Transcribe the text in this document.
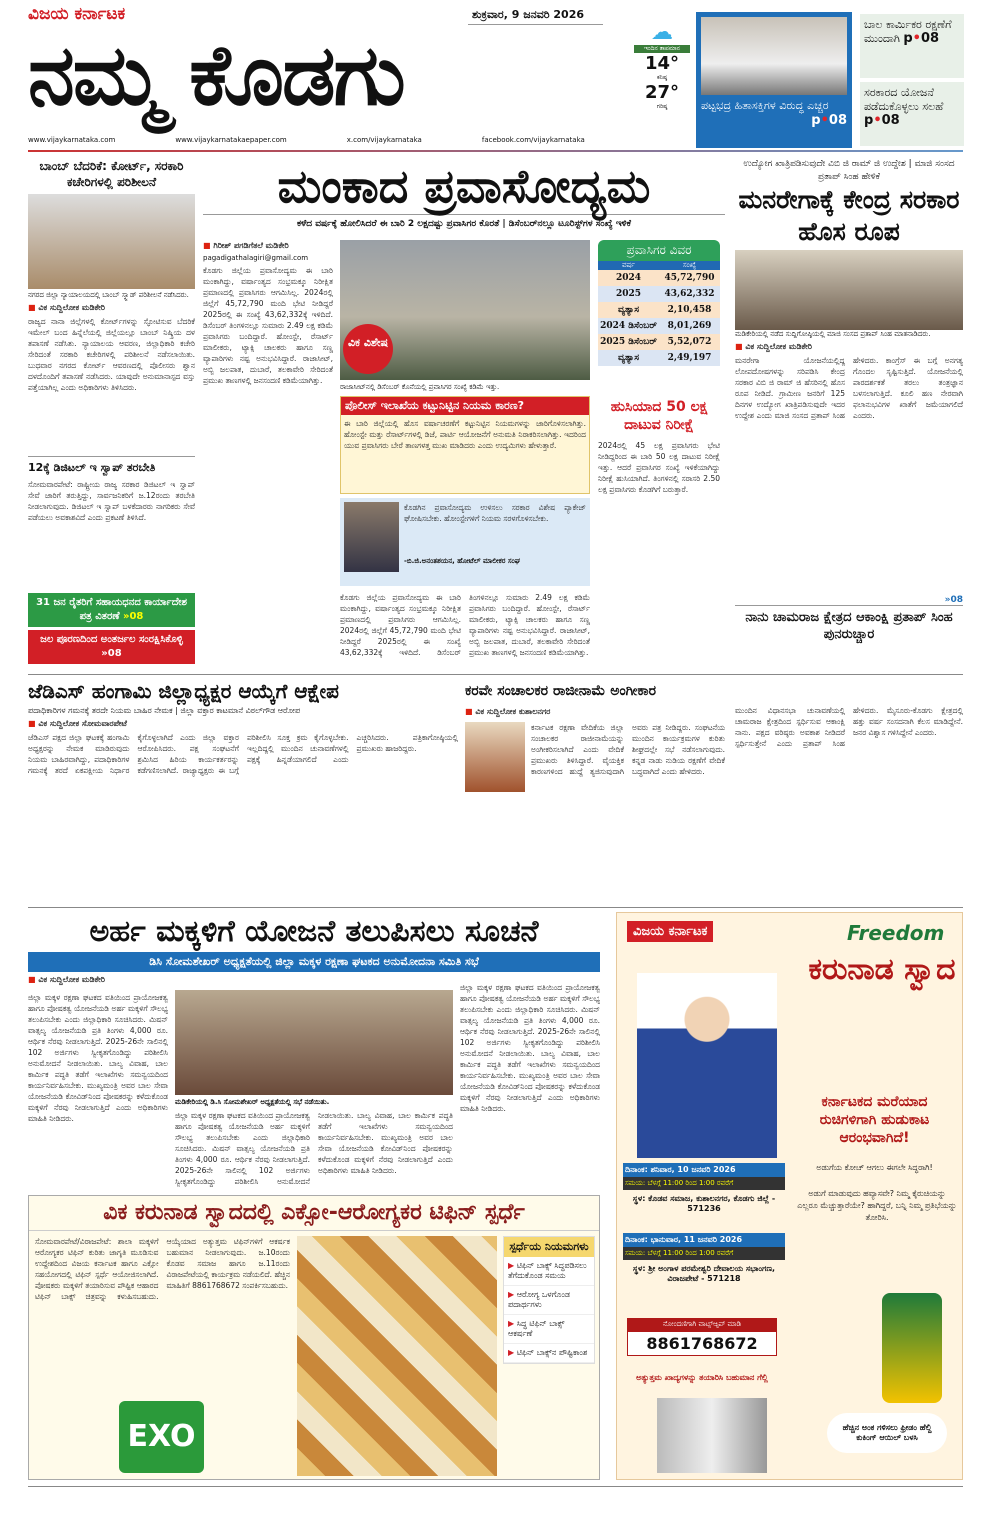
ವಿಜಯ ಕರ್ನಾಟಕ
ನಮ್ಮ ಕೊಡಗು
ಶುಕ್ರವಾರ, 9 ಜನವರಿ 2026
☁
ಇಂದಿನ ತಾಪಮಾನ
14°
ಕನಿಷ್ಠ
27°
ಗರಿಷ್ಠ	ಪಟ್ಟಭದ್ರ ಹಿತಾಸಕ್ತಿಗಳ ವಿರುದ್ಧ ಎಚ್ಚರ
p•08
ಬಾಲ ಕಾರ್ಮಿಕರ ರಕ್ಷಣೆಗೆ ಮುಂದಾಗಿ p•08
ಸರಕಾರದ ಯೋಜನೆ ಪಡೆದುಕೊಳ್ಳಲು ಸಲಹೆ p•08
www.vijaykarnataka.com	www.vijaykarnatakaepaper.com	x.com/vijaykarnataka	facebook.com/vijaykarnataka
ಬಾಂಬ್ ಬೆದರಿಕೆ: ಕೋರ್ಟ್, ಸರಕಾರಿ ಕಚೇರಿಗಳಲ್ಲಿ ಪರಿಶೀಲನೆ
ನಗರದ ಜಿಲ್ಲಾ ನ್ಯಾಯಾಲಯದಲ್ಲಿ ಬಾಂಬ್ ಸ್ಕ್ವಾಡ್ ಪರಿಶೀಲನೆ ನಡೆಸಿದರು.
■ ವಿಕ ಸುದ್ದಿಲೋಕ ಮಡಿಕೇರಿ
ರಾಜ್ಯದ ನಾನಾ ಜಿಲ್ಲೆಗಳಲ್ಲಿ ಕೋರ್ಟ್‌ಗಳನ್ನು ಸ್ಫೋಟಿಸುವ ಬೆದರಿಕೆ ಇಮೇಲ್ ಬಂದ ಹಿನ್ನೆಲೆಯಲ್ಲಿ ಜಿಲ್ಲೆಯಲ್ಲೂ ಬಾಂಬ್ ನಿಷ್ಕ್ರಿಯ ದಳ ತಪಾಸಣೆ ನಡೆಸಿತು. ನ್ಯಾಯಾಲಯ ಆವರಣ, ಜಿಲ್ಲಾಧಿಕಾರಿ ಕಚೇರಿ ಸೇರಿದಂತೆ ಸರಕಾರಿ ಕಚೇರಿಗಳಲ್ಲಿ ಪರಿಶೀಲನೆ ನಡೆಸಲಾಯಿತು. ಬುಧವಾರ ನಗರದ ಕೋರ್ಟ್ ಆವರಣದಲ್ಲಿ ಪೊಲೀಸರು ಶ್ವಾನ ದಳದೊಂದಿಗೆ ತಪಾಸಣೆ ನಡೆಸಿದರು. ಯಾವುದೇ ಅನುಮಾನಾಸ್ಪದ ವಸ್ತು ಪತ್ತೆಯಾಗಿಲ್ಲ ಎಂದು ಅಧಿಕಾರಿಗಳು ತಿಳಿಸಿದರು.
12ಕ್ಕೆ ಡಿಜಿಟಲ್ ಇ ಸ್ವಾಪ್ ತರಬೇತಿ
ಸೋಮವಾರಪೇಟೆ: ರಾಷ್ಟ್ರೀಯ ರಾಜ್ಯ ಸರಕಾರ ಡಿಜಿಟಲ್ ಇ ಸ್ವಾಪ್ ಸೇವೆ ಜಾರಿಗೆ ತರುತ್ತಿದ್ದು, ಸಾರ್ವಜನಿಕರಿಗೆ ಜ.12ರಂದು ತರಬೇತಿ ನೀಡಲಾಗುವುದು. ಡಿಜಿಟಲ್ ಇ ಸ್ವಾಪ್ ಬಳಕೆದಾರರು ನಾಗರಿಕರು ಸೇವೆ ಪಡೆಯಲು ಅವಕಾಶವಿದೆ ಎಂದು ಪ್ರಕಟಣೆ ತಿಳಿಸಿದೆ.
31 ಜನ ರೈತರಿಗೆ ಸಹಾಯಧನದ ಕಾರ್ಯಾದೇಶ ಪತ್ರ ವಿತರಣೆ »08
ಜಲ ಪೂರಣದಿಂದ ಅಂತರ್ಜಲ ಸಂರಕ್ಷಿಸಿಕೊಳ್ಳಿ »08
ಮಂಕಾದ ಪ್ರವಾಸೋದ್ಯಮ
ಕಳೆದ ವರ್ಷಕ್ಕೆ ಹೋಲಿಸಿದರೆ ಈ ಬಾರಿ 2 ಲಕ್ಷದಷ್ಟು ಪ್ರವಾಸಿಗರ ಕೊರತೆ | ಡಿಸೆಂಬರ್‌ನಲ್ಲೂ ಟೂರಿಸ್ಟ್‌ಗಳ ಸಂಖ್ಯೆ ಇಳಿಕೆ
■ ಗಿರೀಶ್ ಪಗಡಿಗೆತಲೆ ಮಡಿಕೇರಿ
pagadigathalagiri@gmail.com
ಕೊಡಗು ಜಿಲ್ಲೆಯ ಪ್ರವಾಸೋದ್ಯಮ ಈ ಬಾರಿ ಮಂಕಾಗಿದ್ದು, ವರ್ಷಾಂತ್ಯದ ಸಂಭ್ರಮಕ್ಕೂ ನಿರೀಕ್ಷಿತ ಪ್ರಮಾಣದಲ್ಲಿ ಪ್ರವಾಸಿಗರು ಆಗಮಿಸಿಲ್ಲ. 2024ರಲ್ಲಿ ಜಿಲ್ಲೆಗೆ 45,72,790 ಮಂದಿ ಭೇಟಿ ನೀಡಿದ್ದರೆ 2025ರಲ್ಲಿ ಈ ಸಂಖ್ಯೆ 43,62,332ಕ್ಕೆ ಇಳಿದಿದೆ. ಡಿಸೆಂಬರ್ ತಿಂಗಳಿನಲ್ಲೂ ಸುಮಾರು 2.49 ಲಕ್ಷ ಕಡಿಮೆ ಪ್ರವಾಸಿಗರು ಬಂದಿದ್ದಾರೆ. ಹೋಂಸ್ಟೇ, ರೆಸಾರ್ಟ್ ಮಾಲೀಕರು, ಟ್ಯಾಕ್ಸಿ ಚಾಲಕರು ಹಾಗೂ ಸಣ್ಣ ವ್ಯಾಪಾರಿಗಳು ನಷ್ಟ ಅನುಭವಿಸಿದ್ದಾರೆ. ರಾಜಾಸೀಟ್, ಅಬ್ಬಿ ಜಲಪಾತ, ದುಬಾರೆ, ತಲಕಾವೇರಿ ಸೇರಿದಂತೆ ಪ್ರಮುಖ ತಾಣಗಳಲ್ಲಿ ಜನಸಂದಣಿ ಕಡಿಮೆಯಾಗಿತ್ತು.
ವಿಕ ವಿಶೇಷ
ರಾಜಾಸೀಟ್‌ನಲ್ಲಿ ಡಿಸೆಂಬರ್ ಕೊನೆಯಲ್ಲಿ ಪ್ರವಾಸಿಗರ ಸಂಖ್ಯೆ ಕಡಿಮೆ ಇತ್ತು.
ಪೊಲೀಸ್ ಇಲಾಖೆಯ ಕಟ್ಟುನಿಟ್ಟಿನ ನಿಯಮ ಕಾರಣ?
ಈ ಬಾರಿ ಜಿಲ್ಲೆಯಲ್ಲಿ ಹೊಸ ವರ್ಷಾಚರಣೆಗೆ ಕಟ್ಟುನಿಟ್ಟಿನ ನಿಯಮಗಳನ್ನು ಜಾರಿಗೊಳಿಸಲಾಗಿತ್ತು. ಹೋಂಸ್ಟೇ ಮತ್ತು ರೆಸಾರ್ಟ್‌ಗಳಲ್ಲಿ ಡಿಜೆ, ಪಾರ್ಟಿ ಆಯೋಜನೆಗೆ ಅನುಮತಿ ನಿರಾಕರಿಸಲಾಗಿತ್ತು. ಇದರಿಂದ ಯುವ ಪ್ರವಾಸಿಗರು ಬೇರೆ ತಾಣಗಳತ್ತ ಮುಖ ಮಾಡಿದರು ಎಂದು ಉದ್ಯಮಿಗಳು ಹೇಳುತ್ತಾರೆ.
ಕೊಡಗಿನ ಪ್ರವಾಸೋದ್ಯಮ ಉಳಿಸಲು ಸರಕಾರ ವಿಶೇಷ ಪ್ಯಾಕೇಜ್ ಘೋಷಿಸಬೇಕು. ಹೋಂಸ್ಟೇಗಳಿಗೆ ನಿಯಮ ಸರಳಗೊಳಿಸಬೇಕು.
-ಬಿ.ಜಿ.ಅನಂತಶಯನ, ಹೋಟೆಲ್ ಮಾಲೀಕರ ಸಂಘ
ಕೊಡಗು ಜಿಲ್ಲೆಯ ಪ್ರವಾಸೋದ್ಯಮ ಈ ಬಾರಿ ಮಂಕಾಗಿದ್ದು, ವರ್ಷಾಂತ್ಯದ ಸಂಭ್ರಮಕ್ಕೂ ನಿರೀಕ್ಷಿತ ಪ್ರಮಾಣದಲ್ಲಿ ಪ್ರವಾಸಿಗರು ಆಗಮಿಸಿಲ್ಲ. 2024ರಲ್ಲಿ ಜಿಲ್ಲೆಗೆ 45,72,790 ಮಂದಿ ಭೇಟಿ ನೀಡಿದ್ದರೆ 2025ರಲ್ಲಿ ಈ ಸಂಖ್ಯೆ 43,62,332ಕ್ಕೆ ಇಳಿದಿದೆ. ಡಿಸೆಂಬರ್ ತಿಂಗಳಿನಲ್ಲೂ ಸುಮಾರು 2.49 ಲಕ್ಷ ಕಡಿಮೆ ಪ್ರವಾಸಿಗರು ಬಂದಿದ್ದಾರೆ. ಹೋಂಸ್ಟೇ, ರೆಸಾರ್ಟ್ ಮಾಲೀಕರು, ಟ್ಯಾಕ್ಸಿ ಚಾಲಕರು ಹಾಗೂ ಸಣ್ಣ ವ್ಯಾಪಾರಿಗಳು ನಷ್ಟ ಅನುಭವಿಸಿದ್ದಾರೆ. ರಾಜಾಸೀಟ್, ಅಬ್ಬಿ ಜಲಪಾತ, ದುಬಾರೆ, ತಲಕಾವೇರಿ ಸೇರಿದಂತೆ ಪ್ರಮುಖ ತಾಣಗಳಲ್ಲಿ ಜನಸಂದಣಿ ಕಡಿಮೆಯಾಗಿತ್ತು.
ಪ್ರವಾಸಿಗರ ವಿವರ
ವರ್ಷ	ಸಂಖ್ಯೆ
2024	45,72,790
2025	43,62,332
ವ್ಯತ್ಯಾಸ	2,10,458
2024 ಡಿಸೆಂಬರ್	8,01,269
2025 ಡಿಸೆಂಬರ್	5,52,072
ವ್ಯತ್ಯಾಸ	2,49,197
ಹುಸಿಯಾದ 50 ಲಕ್ಷ ದಾಟುವ ನಿರೀಕ್ಷೆ
2024ರಲ್ಲಿ 45 ಲಕ್ಷ ಪ್ರವಾಸಿಗರು ಭೇಟಿ ನೀಡಿದ್ದರಿಂದ ಈ ಬಾರಿ 50 ಲಕ್ಷ ದಾಟುವ ನಿರೀಕ್ಷೆ ಇತ್ತು. ಆದರೆ ಪ್ರವಾಸಿಗರ ಸಂಖ್ಯೆ ಇಳಿಕೆಯಾಗಿದ್ದು ನಿರೀಕ್ಷೆ ಹುಸಿಯಾಗಿದೆ. ತಿಂಗಳಿನಲ್ಲಿ ಸರಾಸರಿ 2.50 ಲಕ್ಷ ಪ್ರವಾಸಿಗರು ಕೊಡಗಿಗೆ ಬರುತ್ತಾರೆ.
ಉದ್ಯೋಗ ಖಾತ್ರಿಪಡಿಸುವುದೇ ವಿಬಿ ಜಿ ರಾಮ್ ಜಿ ಉದ್ದೇಶ | ಮಾಜಿ ಸಂಸದ ಪ್ರತಾಪ್ ಸಿಂಹ ಹೇಳಿಕೆ
ಮನರೇಗಾಕ್ಕೆ ಕೇಂದ್ರ ಸರಕಾರ ಹೊಸ ರೂಪ
ಮಡಿಕೇರಿಯಲ್ಲಿ ನಡೆದ ಸುದ್ದಿಗೋಷ್ಠಿಯಲ್ಲಿ ಮಾಜಿ ಸಂಸದ ಪ್ರತಾಪ್ ಸಿಂಹ ಮಾತನಾಡಿದರು.
■ ವಿಕ ಸುದ್ದಿಲೋಕ ಮಡಿಕೇರಿ
ಮನರೇಗಾ ಯೋಜನೆಯಲ್ಲಿದ್ದ ಲೋಪದೋಷಗಳನ್ನು ಸರಿಪಡಿಸಿ ಕೇಂದ್ರ ಸರಕಾರ ವಿಬಿ ಜಿ ರಾಮ್ ಜಿ ಹೆಸರಿನಲ್ಲಿ ಹೊಸ ರೂಪ ನೀಡಿದೆ. ಗ್ರಾಮೀಣ ಜನರಿಗೆ 125 ದಿನಗಳ ಉದ್ಯೋಗ ಖಾತ್ರಿಪಡಿಸುವುದೇ ಇದರ ಉದ್ದೇಶ ಎಂದು ಮಾಜಿ ಸಂಸದ ಪ್ರತಾಪ್ ಸಿಂಹ ಹೇಳಿದರು. ಕಾಂಗ್ರೆಸ್ ಈ ಬಗ್ಗೆ ಅನಗತ್ಯ ಗೊಂದಲ ಸೃಷ್ಟಿಸುತ್ತಿದೆ. ಯೋಜನೆಯಲ್ಲಿ ಪಾರದರ್ಶಕತೆ ತರಲು ತಂತ್ರಜ್ಞಾನ ಬಳಸಲಾಗುತ್ತಿದೆ. ಕೂಲಿ ಹಣ ನೇರವಾಗಿ ಫಲಾನುಭವಿಗಳ ಖಾತೆಗೆ ಜಮೆಯಾಗಲಿದೆ ಎಂದರು.
»08
ನಾನು ಚಾಮರಾಜ ಕ್ಷೇತ್ರದ ಆಕಾಂಕ್ಷಿ ಪ್ರತಾಪ್ ಸಿಂಹ ಪುನರುಚ್ಚಾರ
ಜೆಡಿಎಸ್ ಹಂಗಾಮಿ ಜಿಲ್ಲಾಧ್ಯಕ್ಷರ ಆಯ್ಕೆಗೆ ಆಕ್ಷೇಪ
ಪದಾಧಿಕಾರಿಗಳ ಗಮನಕ್ಕೆ ತರದೇ ನಿಯಮ ಬಾಹಿರ ನೇಮಕ | ಜಿಲ್ಲಾ ವಕ್ತಾರ ಕಾಟಮಾನೆ ವಿಠಲ್‌ಗೌಡ ಆರೋಪ
■ ವಿಕ ಸುದ್ದಿಲೋಕ ಸೋಮವಾರಪೇಟೆ
ಜೆಡಿಎಸ್ ಪಕ್ಷದ ಜಿಲ್ಲಾ ಘಟಕಕ್ಕೆ ಹಂಗಾಮಿ ಅಧ್ಯಕ್ಷರನ್ನು ನೇಮಕ ಮಾಡಿರುವುದು ನಿಯಮ ಬಾಹಿರವಾಗಿದ್ದು, ಪದಾಧಿಕಾರಿಗಳ ಗಮನಕ್ಕೆ ತರದೆ ಏಕಪಕ್ಷೀಯ ನಿರ್ಧಾರ ಕೈಗೊಳ್ಳಲಾಗಿದೆ ಎಂದು ಜಿಲ್ಲಾ ವಕ್ತಾರ ಆರೋಪಿಸಿದರು. ಪಕ್ಷ ಸಂಘಟನೆಗೆ ಶ್ರಮಿಸಿದ ಹಿರಿಯ ಕಾರ್ಯಕರ್ತರನ್ನು ಕಡೆಗಣಿಸಲಾಗಿದೆ. ರಾಜ್ಯಾಧ್ಯಕ್ಷರು ಈ ಬಗ್ಗೆ ಪರಿಶೀಲಿಸಿ ಸೂಕ್ತ ಕ್ರಮ ಕೈಗೊಳ್ಳಬೇಕು. ಇಲ್ಲದಿದ್ದಲ್ಲಿ ಮುಂದಿನ ಚುನಾವಣೆಗಳಲ್ಲಿ ಪಕ್ಷಕ್ಕೆ ಹಿನ್ನಡೆಯಾಗಲಿದೆ ಎಂದು ಎಚ್ಚರಿಸಿದರು. ಪತ್ರಿಕಾಗೋಷ್ಠಿಯಲ್ಲಿ ಪ್ರಮುಖರು ಹಾಜರಿದ್ದರು.
ಕರವೇ ಸಂಚಾಲಕರ ರಾಜೀನಾಮೆ ಅಂಗೀಕಾರ
■ ವಿಕ ಸುದ್ದಿಲೋಕ ಕುಶಾಲನಗರ
ಕರ್ನಾಟಕ ರಕ್ಷಣಾ ವೇದಿಕೆಯ ಜಿಲ್ಲಾ ಸಂಚಾಲಕರ ರಾಜೀನಾಮೆಯನ್ನು ಅಂಗೀಕರಿಸಲಾಗಿದೆ ಎಂದು ವೇದಿಕೆ ಪ್ರಮುಖರು ತಿಳಿಸಿದ್ದಾರೆ. ವೈಯಕ್ತಿಕ ಕಾರಣಗಳಿಂದ ಹುದ್ದೆ ತ್ಯಜಿಸುವುದಾಗಿ ಅವರು ಪತ್ರ ನೀಡಿದ್ದರು. ಸಂಘಟನೆಯ ಮುಂದಿನ ಕಾರ್ಯಕ್ರಮಗಳ ಕುರಿತು ಶೀಘ್ರದಲ್ಲೇ ಸಭೆ ನಡೆಸಲಾಗುವುದು. ಕನ್ನಡ ನಾಡು ನುಡಿಯ ರಕ್ಷಣೆಗೆ ವೇದಿಕೆ ಬದ್ಧವಾಗಿದೆ ಎಂದು ಹೇಳಿದರು.
ಮುಂದಿನ ವಿಧಾನಸಭಾ ಚುನಾವಣೆಯಲ್ಲಿ ಚಾಮರಾಜ ಕ್ಷೇತ್ರದಿಂದ ಸ್ಪರ್ಧಿಸುವ ಆಕಾಂಕ್ಷಿ ನಾನು. ಪಕ್ಷದ ವರಿಷ್ಠರು ಅವಕಾಶ ನೀಡಿದರೆ ಸ್ಪರ್ಧಿಸುತ್ತೇನೆ ಎಂದು ಪ್ರತಾಪ್ ಸಿಂಹ ಹೇಳಿದರು. ಮೈಸೂರು-ಕೊಡಗು ಕ್ಷೇತ್ರದಲ್ಲಿ ಹತ್ತು ವರ್ಷ ಸಂಸದನಾಗಿ ಕೆಲಸ ಮಾಡಿದ್ದೇನೆ. ಜನರ ವಿಶ್ವಾಸ ಗಳಿಸಿದ್ದೇನೆ ಎಂದರು.
ಅರ್ಹ ಮಕ್ಕಳಿಗೆ ಯೋಜನೆ ತಲುಪಿಸಲು ಸೂಚನೆ
ಡಿಸಿ ಸೋಮಶೇಖರ್ ಅಧ್ಯಕ್ಷತೆಯಲ್ಲಿ ಜಿಲ್ಲಾ ಮಕ್ಕಳ ರಕ್ಷಣಾ ಘಟಕದ ಅನುಮೋದನಾ ಸಮಿತಿ ಸಭೆ
■ ವಿಕ ಸುದ್ದಿಲೋಕ ಮಡಿಕೇರಿ
ಜಿಲ್ಲಾ ಮಕ್ಕಳ ರಕ್ಷಣಾ ಘಟಕದ ವತಿಯಿಂದ ಪ್ರಾಯೋಜಕತ್ವ ಹಾಗೂ ಪೋಷಕತ್ವ ಯೋಜನೆಯಡಿ ಅರ್ಹ ಮಕ್ಕಳಿಗೆ ಸೌಲಭ್ಯ ತಲುಪಿಸಬೇಕು ಎಂದು ಜಿಲ್ಲಾಧಿಕಾರಿ ಸೂಚಿಸಿದರು. ಮಿಷನ್ ವಾತ್ಸಲ್ಯ ಯೋಜನೆಯಡಿ ಪ್ರತಿ ತಿಂಗಳು 4,000 ರೂ. ಆರ್ಥಿಕ ನೆರವು ನೀಡಲಾಗುತ್ತಿದೆ. 2025-26ನೇ ಸಾಲಿನಲ್ಲಿ 102 ಅರ್ಜಿಗಳು ಸ್ವೀಕೃತಗೊಂಡಿದ್ದು ಪರಿಶೀಲಿಸಿ ಅನುಮೋದನೆ ನೀಡಲಾಯಿತು. ಬಾಲ್ಯ ವಿವಾಹ, ಬಾಲ ಕಾರ್ಮಿಕ ಪದ್ಧತಿ ತಡೆಗೆ ಇಲಾಖೆಗಳು ಸಮನ್ವಯದಿಂದ ಕಾರ್ಯನಿರ್ವಹಿಸಬೇಕು. ಮುಖ್ಯಮಂತ್ರಿ ಅವರ ಬಾಲ ಸೇವಾ ಯೋಜನೆಯಡಿ ಕೋವಿಡ್‌ನಿಂದ ಪೋಷಕರನ್ನು ಕಳೆದುಕೊಂಡ ಮಕ್ಕಳಿಗೆ ನೆರವು ನೀಡಲಾಗುತ್ತಿದೆ ಎಂದು ಅಧಿಕಾರಿಗಳು ಮಾಹಿತಿ ನೀಡಿದರು.
ಮಡಿಕೇರಿಯಲ್ಲಿ ಡಿ.ಸಿ ಸೋಮಶೇಖರ್ ಅಧ್ಯಕ್ಷತೆಯಲ್ಲಿ ಸಭೆ ನಡೆಯಿತು.
ಜಿಲ್ಲಾ ಮಕ್ಕಳ ರಕ್ಷಣಾ ಘಟಕದ ವತಿಯಿಂದ ಪ್ರಾಯೋಜಕತ್ವ ಹಾಗೂ ಪೋಷಕತ್ವ ಯೋಜನೆಯಡಿ ಅರ್ಹ ಮಕ್ಕಳಿಗೆ ಸೌಲಭ್ಯ ತಲುಪಿಸಬೇಕು ಎಂದು ಜಿಲ್ಲಾಧಿಕಾರಿ ಸೂಚಿಸಿದರು. ಮಿಷನ್ ವಾತ್ಸಲ್ಯ ಯೋಜನೆಯಡಿ ಪ್ರತಿ ತಿಂಗಳು 4,000 ರೂ. ಆರ್ಥಿಕ ನೆರವು ನೀಡಲಾಗುತ್ತಿದೆ. 2025-26ನೇ ಸಾಲಿನಲ್ಲಿ 102 ಅರ್ಜಿಗಳು ಸ್ವೀಕೃತಗೊಂಡಿದ್ದು ಪರಿಶೀಲಿಸಿ ಅನುಮೋದನೆ ನೀಡಲಾಯಿತು. ಬಾಲ್ಯ ವಿವಾಹ, ಬಾಲ ಕಾರ್ಮಿಕ ಪದ್ಧತಿ ತಡೆಗೆ ಇಲಾಖೆಗಳು ಸಮನ್ವಯದಿಂದ ಕಾರ್ಯನಿರ್ವಹಿಸಬೇಕು. ಮುಖ್ಯಮಂತ್ರಿ ಅವರ ಬಾಲ ಸೇವಾ ಯೋಜನೆಯಡಿ ಕೋವಿಡ್‌ನಿಂದ ಪೋಷಕರನ್ನು ಕಳೆದುಕೊಂಡ ಮಕ್ಕಳಿಗೆ ನೆರವು ನೀಡಲಾಗುತ್ತಿದೆ ಎಂದು ಅಧಿಕಾರಿಗಳು ಮಾಹಿತಿ ನೀಡಿದರು.
ಜಿಲ್ಲಾ ಮಕ್ಕಳ ರಕ್ಷಣಾ ಘಟಕದ ವತಿಯಿಂದ ಪ್ರಾಯೋಜಕತ್ವ ಹಾಗೂ ಪೋಷಕತ್ವ ಯೋಜನೆಯಡಿ ಅರ್ಹ ಮಕ್ಕಳಿಗೆ ಸೌಲಭ್ಯ ತಲುಪಿಸಬೇಕು ಎಂದು ಜಿಲ್ಲಾಧಿಕಾರಿ ಸೂಚಿಸಿದರು. ಮಿಷನ್ ವಾತ್ಸಲ್ಯ ಯೋಜನೆಯಡಿ ಪ್ರತಿ ತಿಂಗಳು 4,000 ರೂ. ಆರ್ಥಿಕ ನೆರವು ನೀಡಲಾಗುತ್ತಿದೆ. 2025-26ನೇ ಸಾಲಿನಲ್ಲಿ 102 ಅರ್ಜಿಗಳು ಸ್ವೀಕೃತಗೊಂಡಿದ್ದು ಪರಿಶೀಲಿಸಿ ಅನುಮೋದನೆ ನೀಡಲಾಯಿತು. ಬಾಲ್ಯ ವಿವಾಹ, ಬಾಲ ಕಾರ್ಮಿಕ ಪದ್ಧತಿ ತಡೆಗೆ ಇಲಾಖೆಗಳು ಸಮನ್ವಯದಿಂದ ಕಾರ್ಯನಿರ್ವಹಿಸಬೇಕು. ಮುಖ್ಯಮಂತ್ರಿ ಅವರ ಬಾಲ ಸೇವಾ ಯೋಜನೆಯಡಿ ಕೋವಿಡ್‌ನಿಂದ ಪೋಷಕರನ್ನು ಕಳೆದುಕೊಂಡ ಮಕ್ಕಳಿಗೆ ನೆರವು ನೀಡಲಾಗುತ್ತಿದೆ ಎಂದು ಅಧಿಕಾರಿಗಳು ಮಾಹಿತಿ ನೀಡಿದರು.
ವಿಕ ಕರುನಾಡ ಸ್ವಾದದಲ್ಲಿ ಎಕ್ಸೋ-ಆರೋಗ್ಯಕರ ಟಿಫಿನ್ ಸ್ಪರ್ಧೆ
ಸೋಮವಾರಪೇಟೆ/ವಿರಾಜಪೇಟೆ: ಶಾಲಾ ಮಕ್ಕಳಿಗೆ ಆರೋಗ್ಯಕರ ಟಿಫಿನ್ ಕುರಿತು ಜಾಗೃತಿ ಮೂಡಿಸುವ ಉದ್ದೇಶದಿಂದ ವಿಜಯ ಕರ್ನಾಟಕ ಹಾಗೂ ಎಕ್ಸೋ ಸಹಯೋಗದಲ್ಲಿ ಟಿಫಿನ್ ಸ್ಪರ್ಧೆ ಆಯೋಜಿಸಲಾಗಿದೆ. ಪೋಷಕರು ಮಕ್ಕಳಿಗೆ ತಯಾರಿಸುವ ಪೌಷ್ಟಿಕ ಆಹಾರದ ಟಿಫಿನ್ ಬಾಕ್ಸ್ ಚಿತ್ರವನ್ನು ಕಳುಹಿಸಬಹುದು. ಆಯ್ಕೆಯಾದ ಅತ್ಯುತ್ತಮ ಟಿಫಿನ್‌ಗಳಿಗೆ ಆಕರ್ಷಕ ಬಹುಮಾನ ನೀಡಲಾಗುವುದು. ಜ.10ರಂದು ಕೊಡವ ಸಮಾಜ ಹಾಗೂ ಜ.11ರಂದು ವಿರಾಜಪೇಟೆಯಲ್ಲಿ ಕಾರ್ಯಕ್ರಮ ನಡೆಯಲಿದೆ. ಹೆಚ್ಚಿನ ಮಾಹಿತಿಗೆ 8861768672 ಸಂಪರ್ಕಿಸಬಹುದು.
EXO
ಸ್ಪರ್ಧೆಯ ನಿಯಮಗಳು
▶ ಟಿಫಿನ್ ಬಾಕ್ಸ್ ಸಿದ್ಧಪಡಿಸಲು ತೆಗೆದುಕೊಂಡ ಸಮಯ
▶ ಆರೋಗ್ಯ ಒಳಗೊಂಡ ಪದಾರ್ಥಗಳು
▶ ಸಿದ್ಧ ಟಿಫಿನ್ ಬಾಕ್ಸ್ ಆಕರ್ಷಣೆ
▶ ಟಿಫಿನ್ ಬಾಕ್ಸ್‌ನ ಪೌಷ್ಟಿಕಾಂಶ
ವಿಜಯ ಕರ್ನಾಟಕ	Freedom
ಕರುನಾಡ ಸ್ವಾದ
ಕರ್ನಾಟಕದ ಮರೆಯಾದ ರುಚಿಗಳಿಗಾಗಿ ಹುಡುಕಾಟ ಆರಂಭವಾಗಿದೆ!
ಅಡುಗೆಯ ಕೋಚ್ ಆಗಲು ಈಗಲೇ ಸಿದ್ಧರಾಗಿ!
ದಿನಾಂಕ: ಶನಿವಾರ, 10 ಜನವರಿ 2026
ಸಮಯ: ಬೆಳಗ್ಗೆ 11:00 ರಿಂದ 1:00 ರವರೆಗೆ
ಸ್ಥಳ: ಕೊಡವ ಸಮಾಜ, ಕುಶಾಲನಗರ, ಕೊಡಗು ಜಿಲ್ಲೆ - 571236
ದಿನಾಂಕ: ಭಾನುವಾರ, 11 ಜನವರಿ 2026
ಸಮಯ: ಬೆಳಗ್ಗೆ 11:00 ರಿಂದ 1:00 ರವರೆಗೆ
ಸ್ಥಳ: ಶ್ರೀ ಅಂಗಾಳ ಪರಮೇಶ್ವರಿ ದೇವಾಲಯ ಸಭಾಂಗಣ, ವಿರಾಜಪೇಟೆ - 571218
ಅಡುಗೆ ಮಾಡುವುದು ಹವ್ಯಾಸವೇ? ನಿಮ್ಮ ಕೈರುಚಿಯನ್ನು ಎಲ್ಲರೂ ಮೆಚ್ಚುತ್ತಾರೆಯೇ? ಹಾಗಿದ್ದರೆ, ಬನ್ನಿ ನಿಮ್ಮ ಪ್ರತಿಭೆಯನ್ನು ತೋರಿಸಿ.
ನೋಂದಣಿಗಾಗಿ ವಾಟ್ಸ್‌ಆ್ಯಪ್ ಮಾಡಿ
8861768672
ಅತ್ಯುತ್ತಮ ಖಾದ್ಯಗಳನ್ನು ತಯಾರಿಸಿ ಬಹುಮಾನ ಗೆಲ್ಲಿ
ಹೆಚ್ಚಿನ ಅಂಕ ಗಳಿಸಲು ಫ್ರೀಡಂ ಹೆಲ್ದಿ ಕುಕಿಂಗ್ ಆಯಿಲ್ ಬಳಸಿ
